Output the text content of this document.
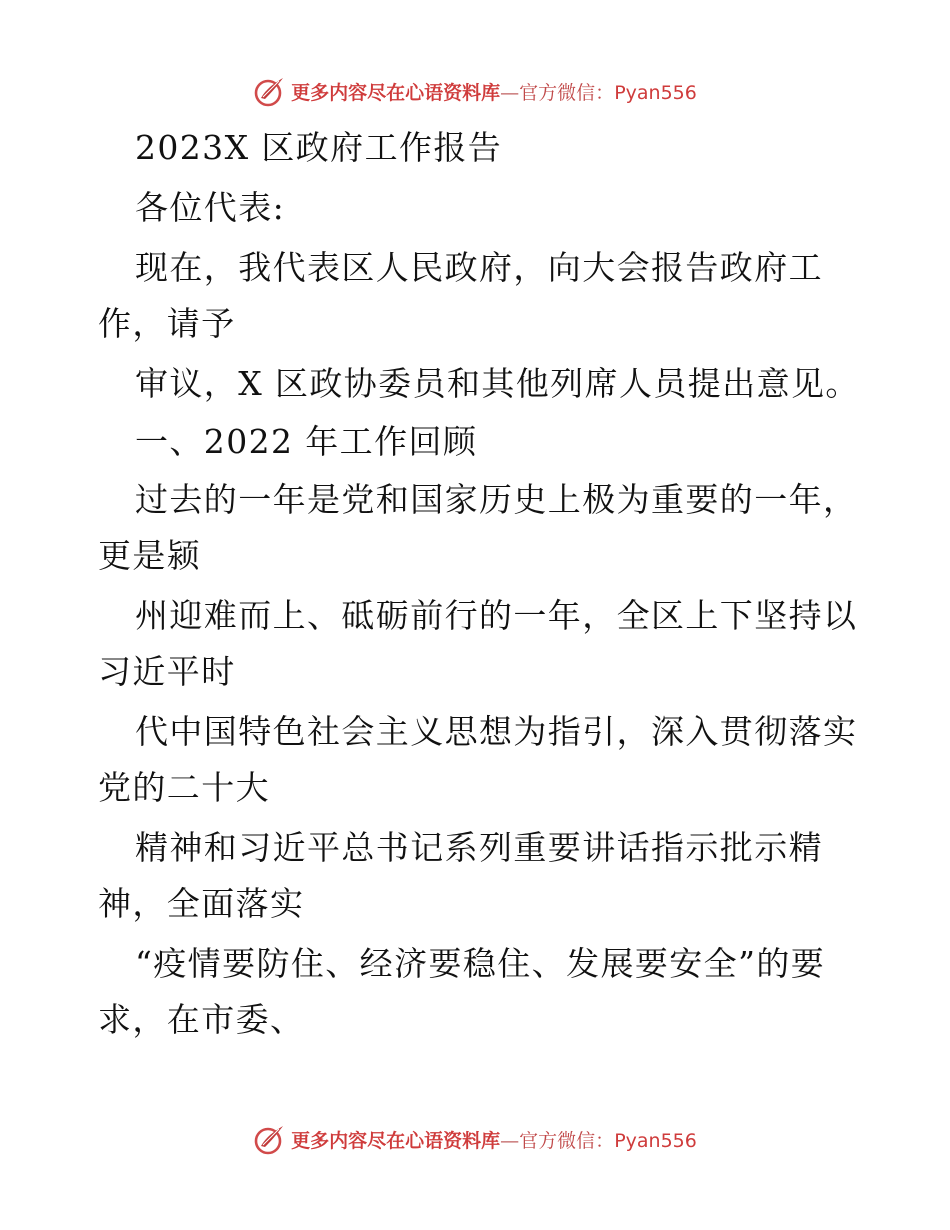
更多内容尽在心语资料库—官方微信：Pyan556
2023X 区政府工作报告
各位代表:
现在，我代表区人民政府，向大会报告政府工
作，请予
审议，X 区政协委员和其他列席人员提出意见。
一、2022 年工作回顾
过去的一年是党和国家历史上极为重要的一年，
更是颍
州迎难而上、砥砺前行的一年，全区上下坚持以
习近平时
代中国特色社会主义思想为指引，深入贯彻落实
党的二十大
精神和习近平总书记系列重要讲话指示批示精
神，全面落实
“疫情要防住、经济要稳住、发展要安全”的要
求，在市委、
更多内容尽在心语资料库—官方微信：Pyan556
